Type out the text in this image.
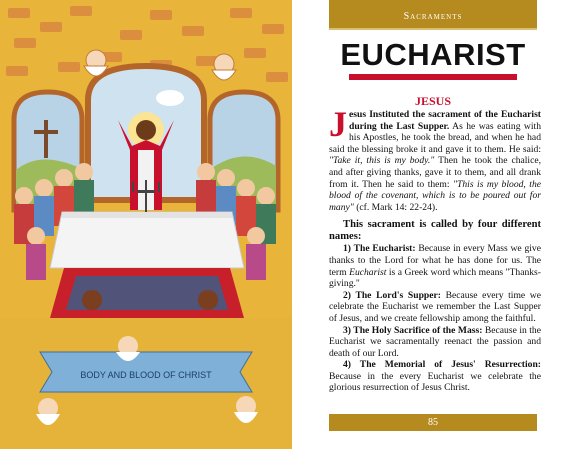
BODY AND BLOOD OF CHRIST
Sacraments
EUCHARIST
JESUS

Jesus Instituted the sacrament of the Eucharist during the Last Supper. As he was eating with his Apostles, he took the bread, and when he had said the blessing broke it and gave it to them. He said: "Take it, this is my body." Then he took the chalice, and after giving thanks, gave it to them, and all drank from it. Then he said to them: "This is my blood, the blood of the covenant, which is to be poured out for many" (cf. Mark 14: 22-24).

This sacrament is called by four different names:

1) The Eucharist: Because in every Mass we give thanks to the Lord for what he has done for us. The term Eucharist is a Greek word which means "Thanks-giving."

2) The Lord's Supper: Because every time we celebrate the Eucharist we remember the Last Supper of Jesus, and we create fellowship among the faithful.

3) The Holy Sacrifice of the Mass: Because in the Eucharist we sacramentally reenact the passion and death of our Lord.

4) The Memorial of Jesus' Resurrection: Because in the every Eucharist we celebrate the glorious resurrection of Jesus Christ.

85
